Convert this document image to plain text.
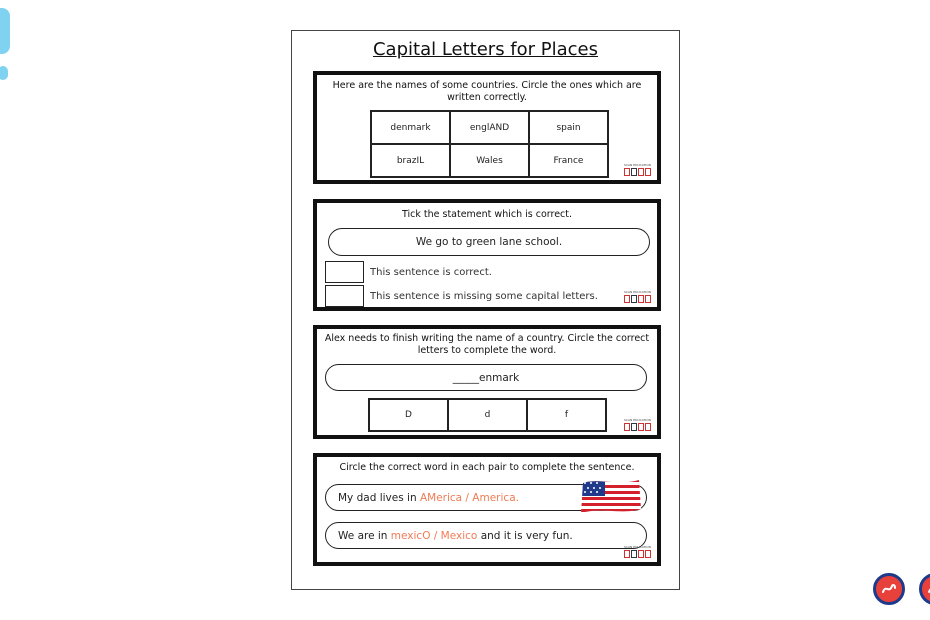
Capital Letters for Places
Here are the names of some countries. Circle the ones which are written correctly.
denmark	englAND	spain
brazIL	Wales	France	SCAN EDUCATION
Tick the statement which is correct.
We go to green lane school.
This sentence is correct.
This sentence is missing some capital letters.	SCAN EDUCATION
Alex needs to finish writing the name of a country. Circle the correct letters to complete the word.
_____enmark
D	d	f	SCAN EDUCATION
Circle the correct word in each pair to complete the sentence.
My dad lives in AMerica / America.
We are in mexicO / Mexico and it is very fun.
SCAN EDUCATION
